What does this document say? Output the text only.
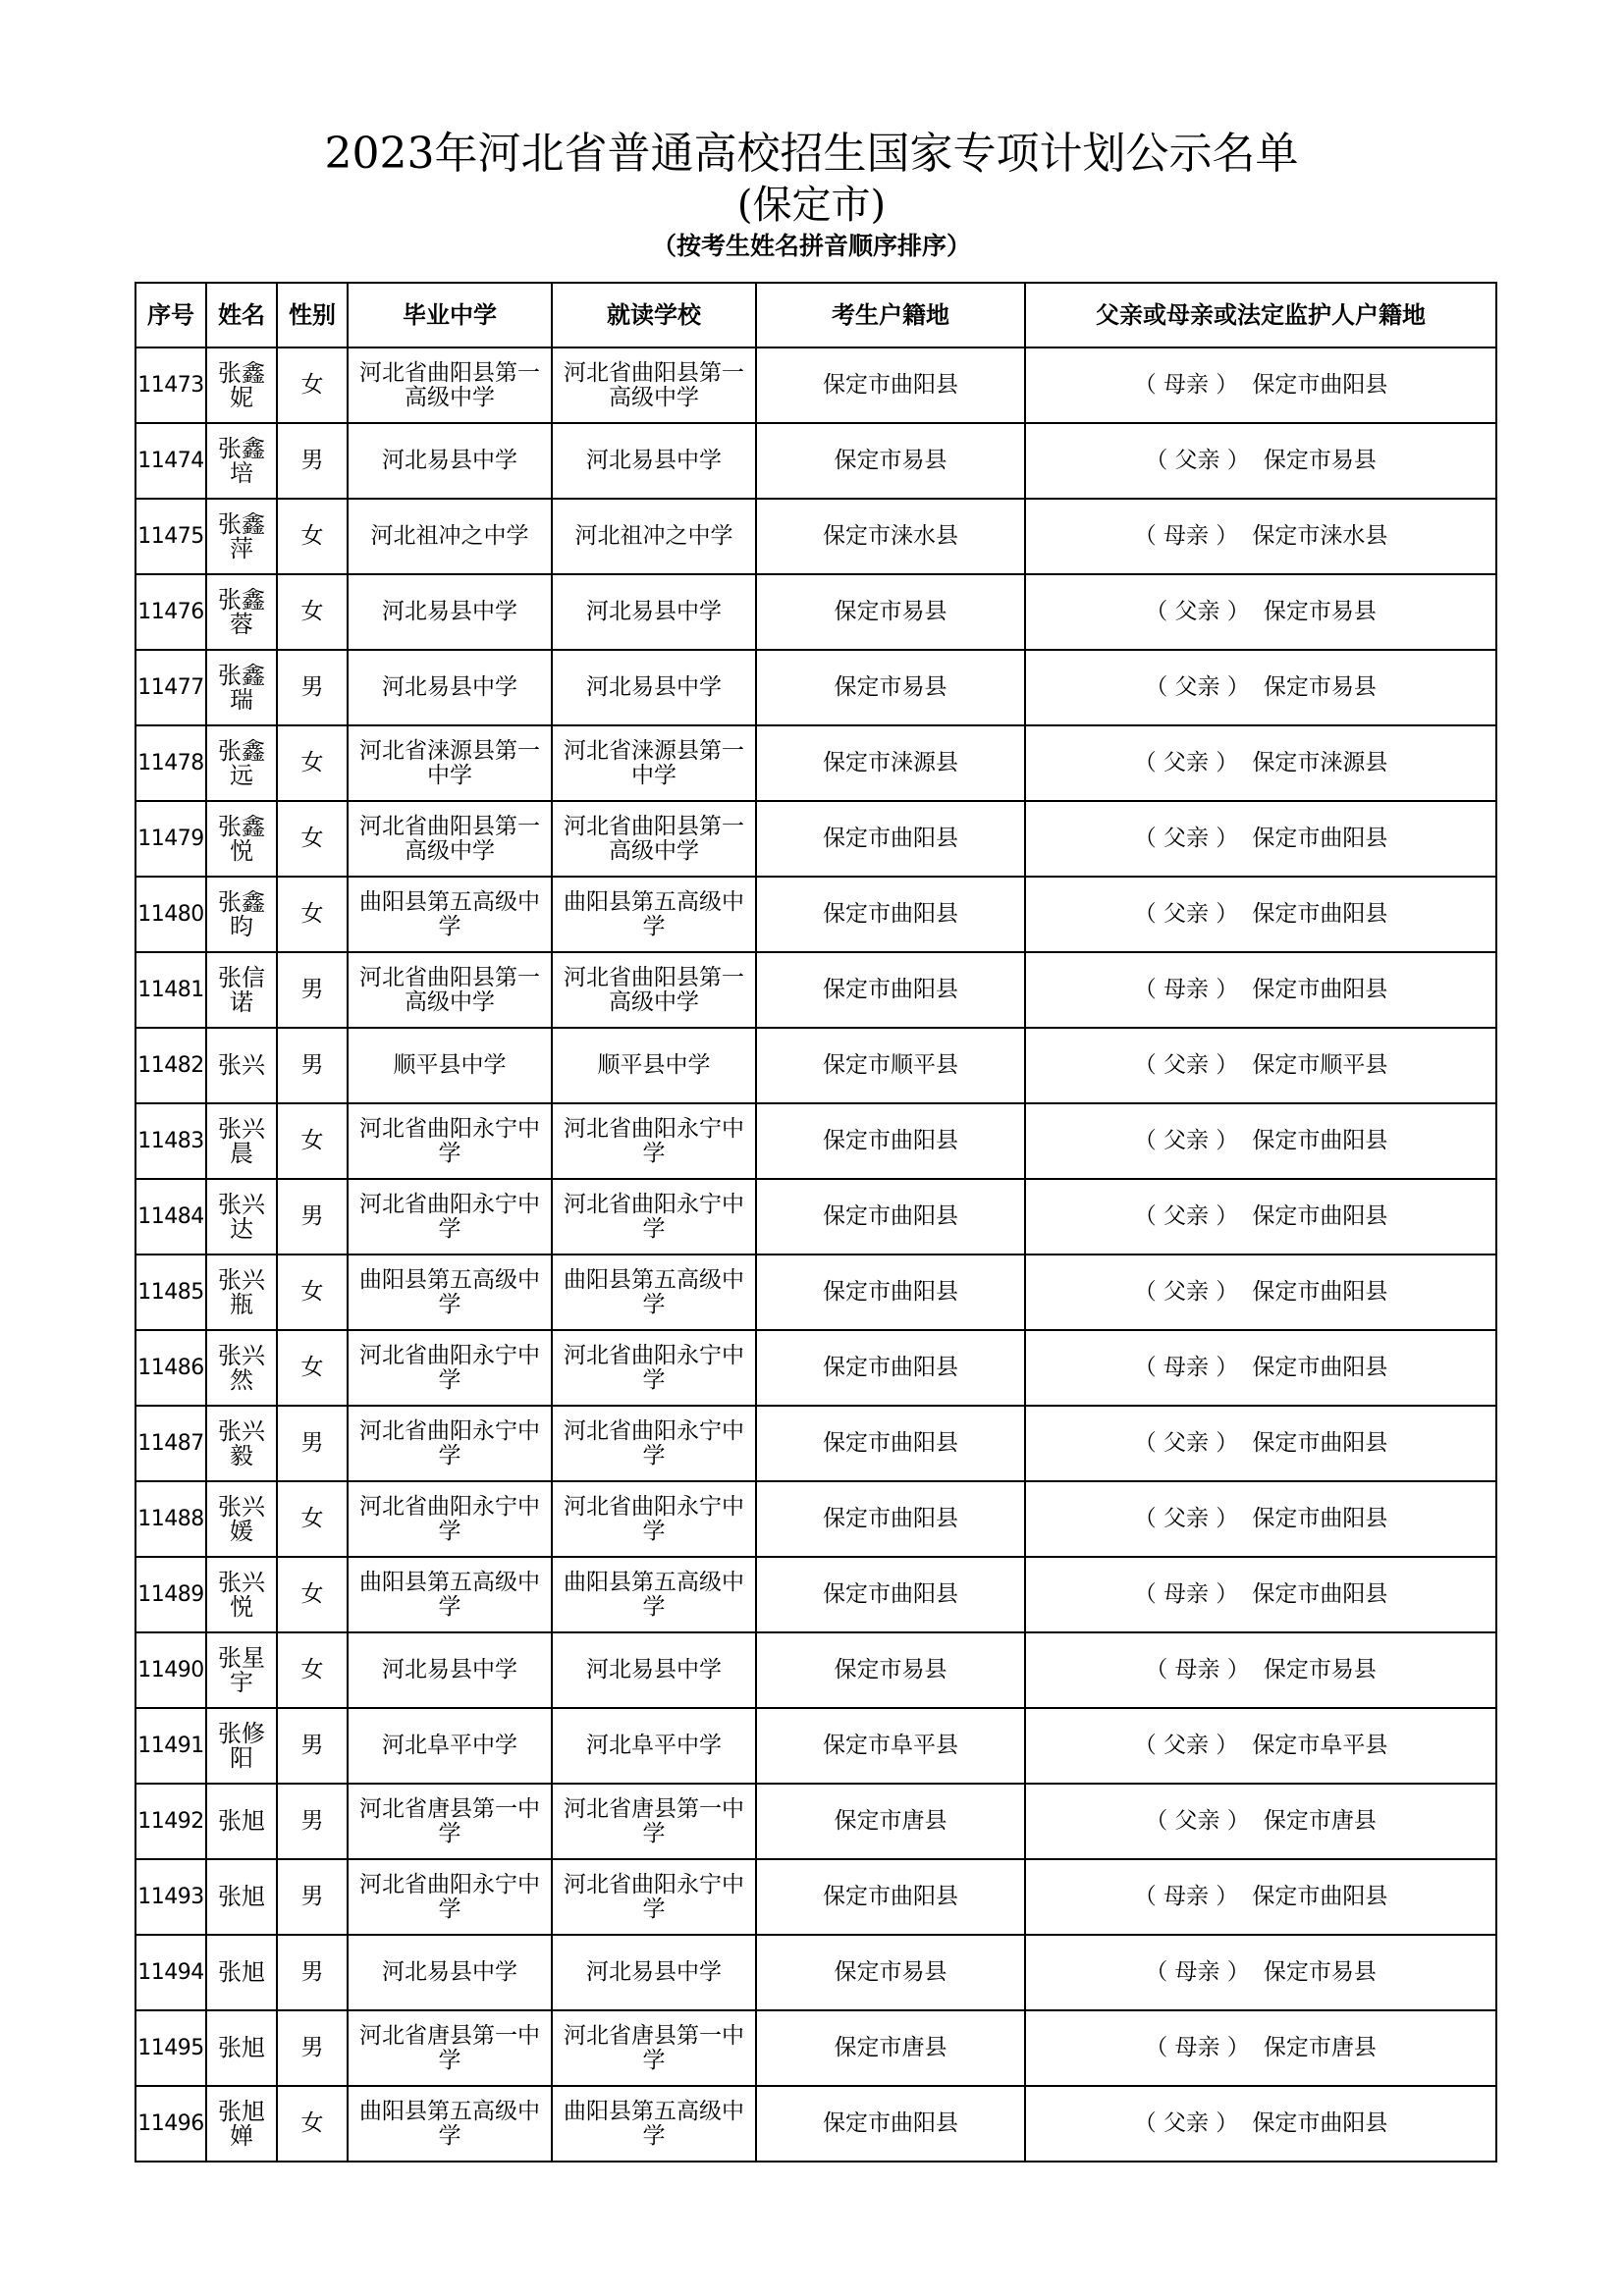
2023年河北省普通高校招生国家专项计划公示名单
(保定市)
（按考生姓名拼音顺序排序）
序号	姓名	性别	毕业中学	就读学校	考生户籍地	父亲或母亲或法定监护人户籍地
11473	张鑫妮	女	河北省曲阳县第一高级中学	河北省曲阳县第一高级中学	保定市曲阳县	（ 母亲 ） 保定市曲阳县
11474	张鑫培	男	河北易县中学	河北易县中学	保定市易县	（ 父亲 ） 保定市易县
11475	张鑫萍	女	河北祖冲之中学	河北祖冲之中学	保定市涞水县	（ 母亲 ） 保定市涞水县
11476	张鑫蓉	女	河北易县中学	河北易县中学	保定市易县	（ 父亲 ） 保定市易县
11477	张鑫瑞	男	河北易县中学	河北易县中学	保定市易县	（ 父亲 ） 保定市易县
11478	张鑫远	女	河北省涞源县第一中学	河北省涞源县第一中学	保定市涞源县	（ 父亲 ） 保定市涞源县
11479	张鑫悦	女	河北省曲阳县第一高级中学	河北省曲阳县第一高级中学	保定市曲阳县	（ 父亲 ） 保定市曲阳县
11480	张鑫昀	女	曲阳县第五高级中学	曲阳县第五高级中学	保定市曲阳县	（ 父亲 ） 保定市曲阳县
11481	张信诺	男	河北省曲阳县第一高级中学	河北省曲阳县第一高级中学	保定市曲阳县	（ 母亲 ） 保定市曲阳县
11482	张兴	男	顺平县中学	顺平县中学	保定市顺平县	（ 父亲 ） 保定市顺平县
11483	张兴晨	女	河北省曲阳永宁中学	河北省曲阳永宁中学	保定市曲阳县	（ 父亲 ） 保定市曲阳县
11484	张兴达	男	河北省曲阳永宁中学	河北省曲阳永宁中学	保定市曲阳县	（ 父亲 ） 保定市曲阳县
11485	张兴瓶	女	曲阳县第五高级中学	曲阳县第五高级中学	保定市曲阳县	（ 父亲 ） 保定市曲阳县
11486	张兴然	女	河北省曲阳永宁中学	河北省曲阳永宁中学	保定市曲阳县	（ 母亲 ） 保定市曲阳县
11487	张兴毅	男	河北省曲阳永宁中学	河北省曲阳永宁中学	保定市曲阳县	（ 父亲 ） 保定市曲阳县
11488	张兴媛	女	河北省曲阳永宁中学	河北省曲阳永宁中学	保定市曲阳县	（ 父亲 ） 保定市曲阳县
11489	张兴悦	女	曲阳县第五高级中学	曲阳县第五高级中学	保定市曲阳县	（ 母亲 ） 保定市曲阳县
11490	张星宇	女	河北易县中学	河北易县中学	保定市易县	（ 母亲 ） 保定市易县
11491	张修阳	男	河北阜平中学	河北阜平中学	保定市阜平县	（ 父亲 ） 保定市阜平县
11492	张旭	男	河北省唐县第一中学	河北省唐县第一中学	保定市唐县	（ 父亲 ） 保定市唐县
11493	张旭	男	河北省曲阳永宁中学	河北省曲阳永宁中学	保定市曲阳县	（ 母亲 ） 保定市曲阳县
11494	张旭	男	河北易县中学	河北易县中学	保定市易县	（ 母亲 ） 保定市易县
11495	张旭	男	河北省唐县第一中学	河北省唐县第一中学	保定市唐县	（ 母亲 ） 保定市唐县
11496	张旭婵	女	曲阳县第五高级中学	曲阳县第五高级中学	保定市曲阳县	（ 父亲 ） 保定市曲阳县
